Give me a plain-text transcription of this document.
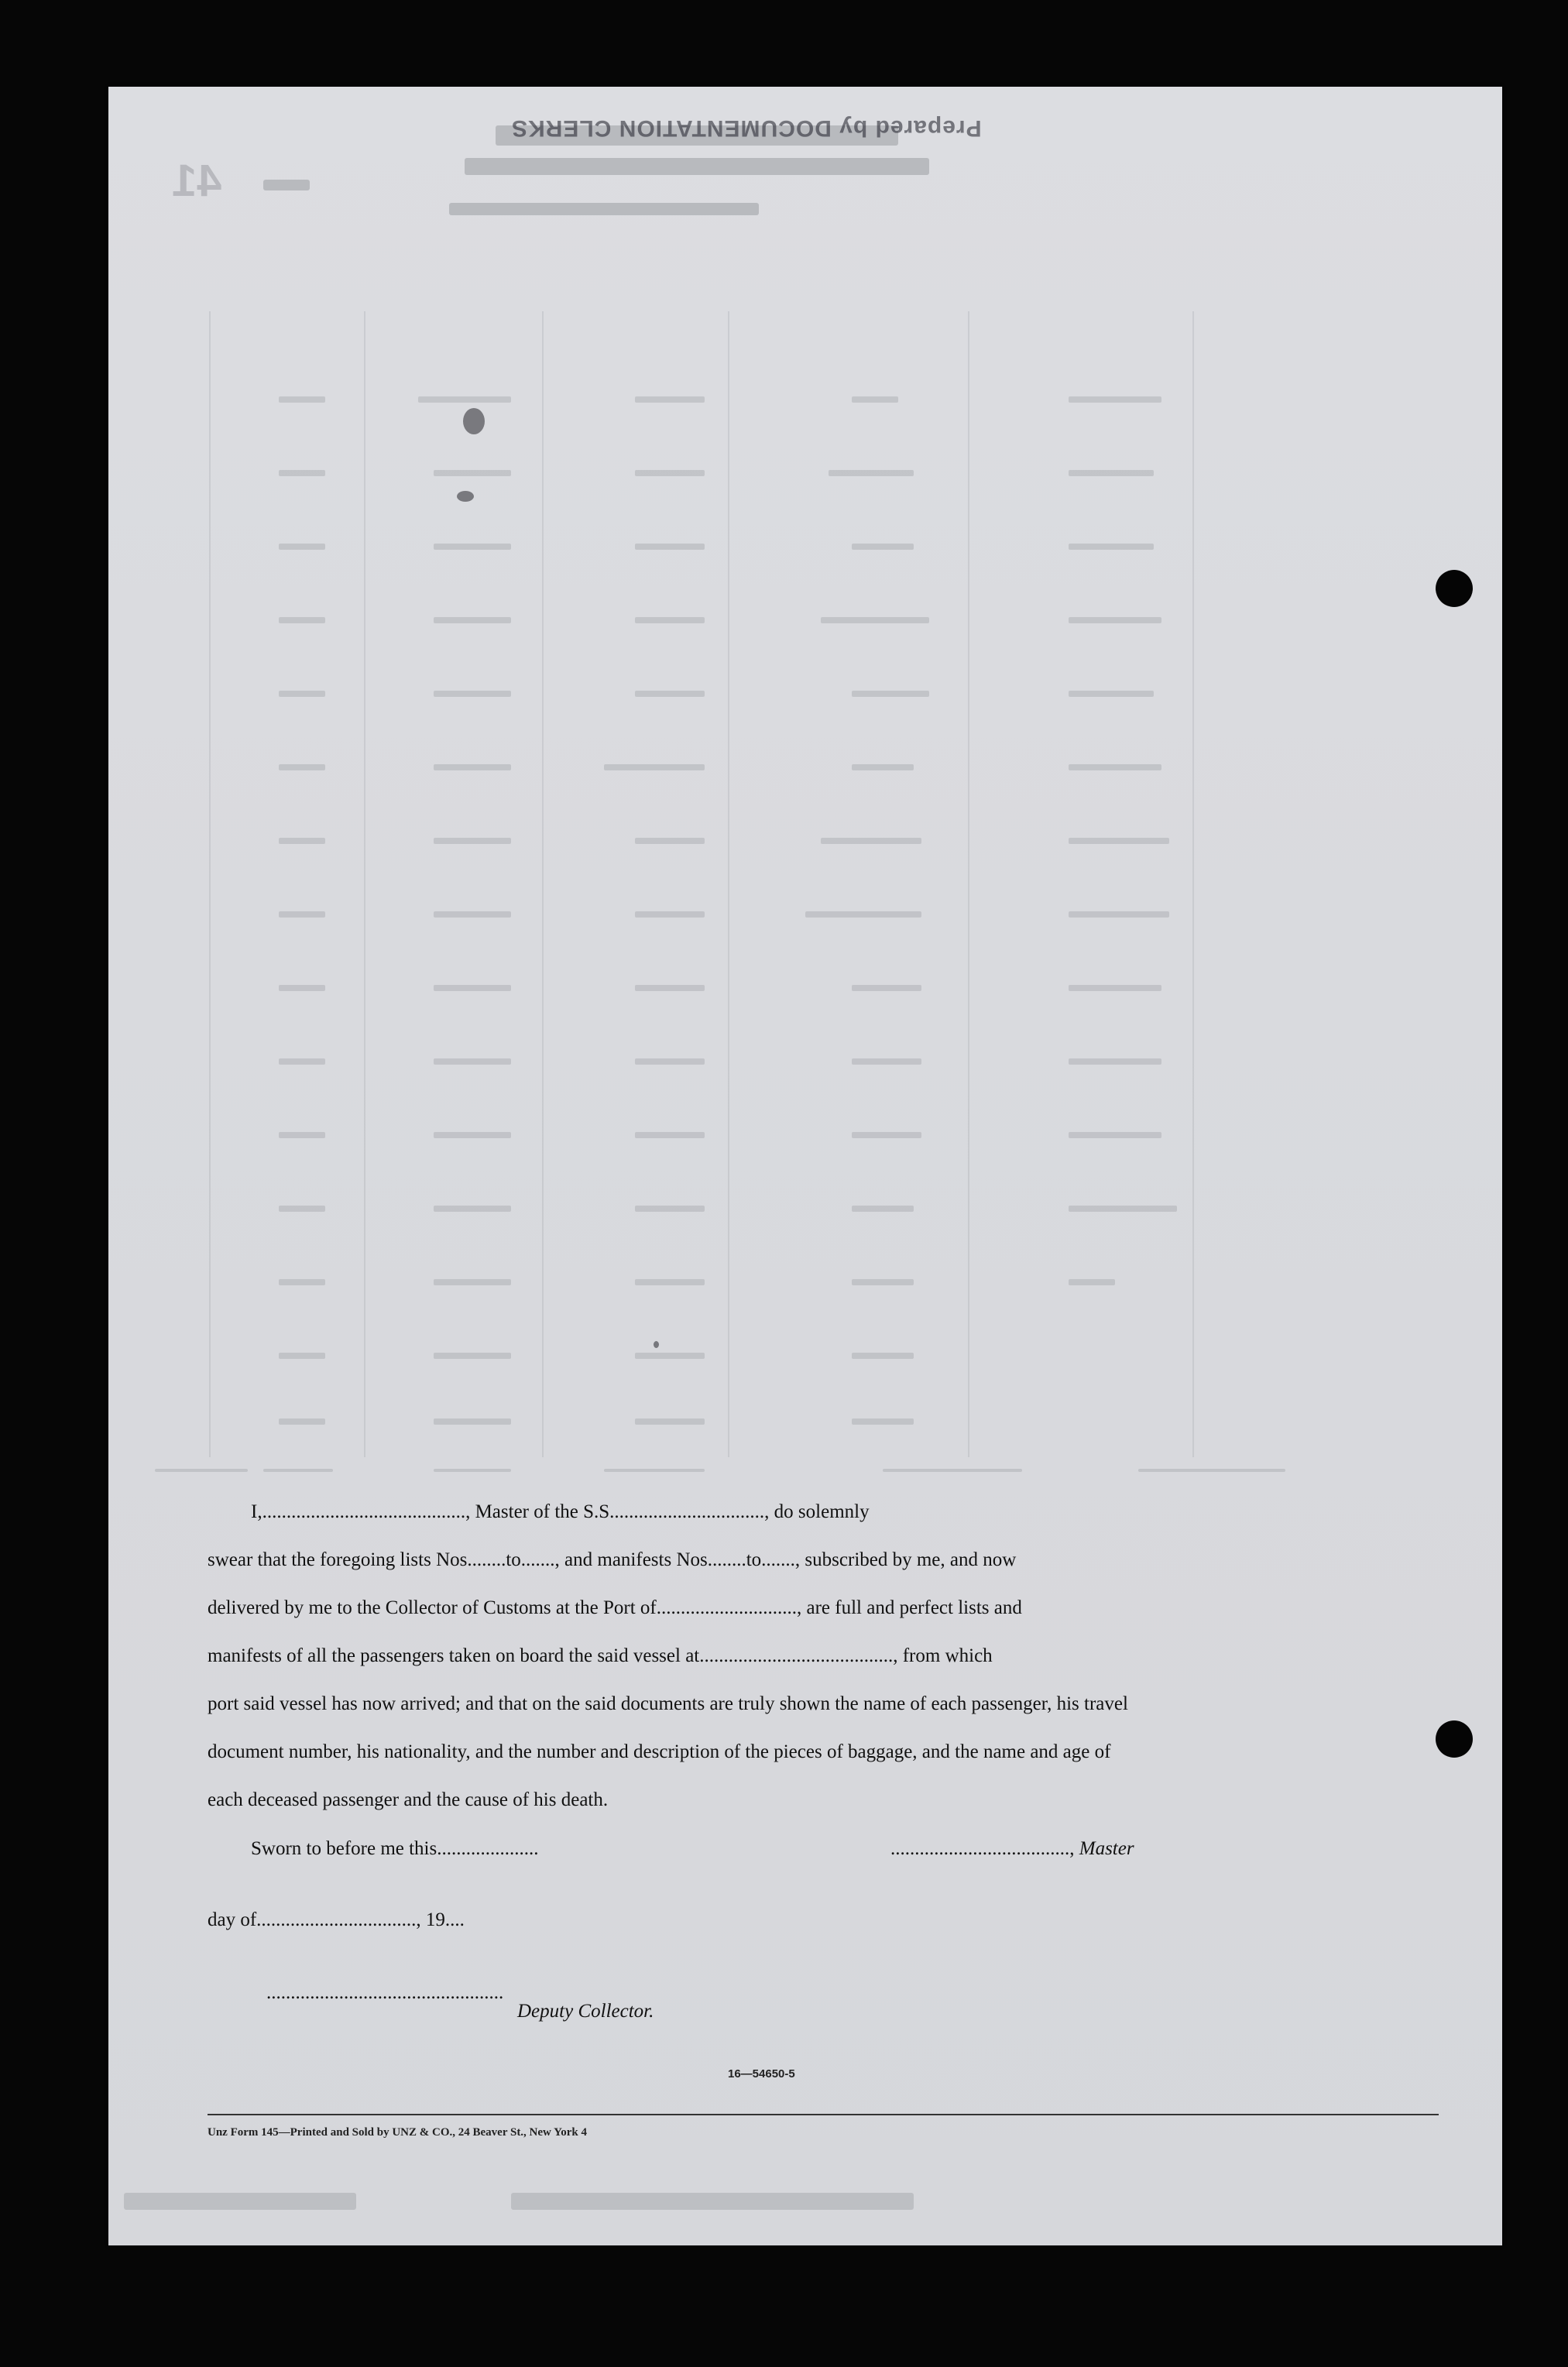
41
Prepared by DOCUMENTATION CLERKS
I,.........................................., Master of the S.S................................, do solemnly
swear that the foregoing lists Nos........to......., and manifests Nos........to......., subscribed by me, and now
delivered by me to the Collector of Customs at the Port of............................., are full and perfect lists and
manifests of all the passengers taken on board the said vessel at........................................, from which
port said vessel has now arrived; and that on the said documents are truly shown the name of each passenger, his travel
document number, his nationality, and the number and description of the pieces of baggage, and the name and age of
each deceased passenger and the cause of his death.
Sworn to before me this.....................	....................................., Master
day of................................., 19....
.................................................
Deputy Collector.
16—54650-5
Unz Form 145—Printed and Sold by UNZ & CO., 24 Beaver St., New York 4
